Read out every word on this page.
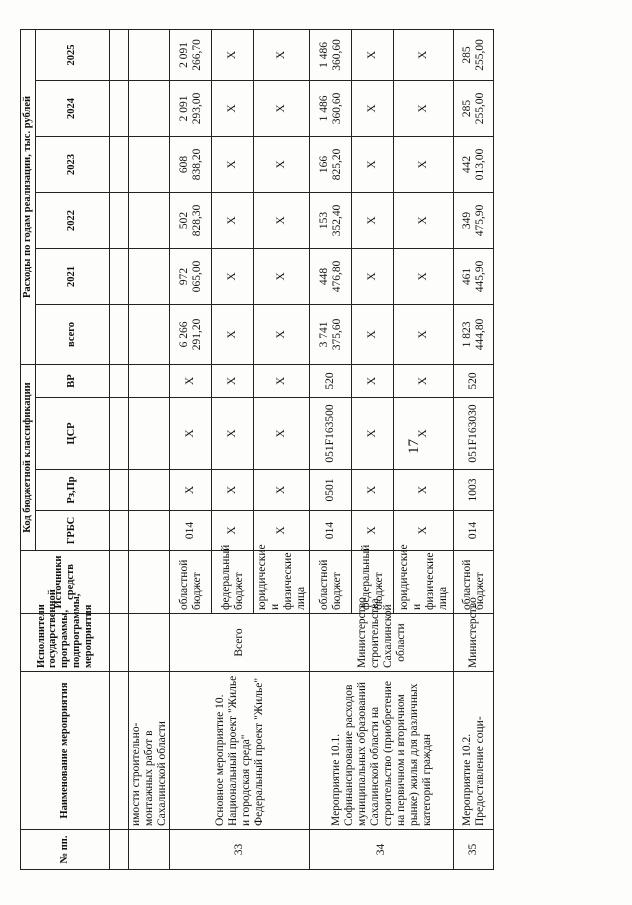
17
№ пп.	Наименование мероприятия	Исполнители государственной программы, подпрограммы, мероприятия	Источники средств	Код бюджетной классификации				Расходы по годам реализации, тыс. рублей					
				ГРБС	Рз,Пр	ЦСР	ВР	всего	2021	2022	2023	2024	2025

	имости строительно-монтажных работ в Сахалинской области												
33	Основное мероприятие 10. Национальный проект "Жилье и городская среда" Федеральный проект "Жилье"	Всего	областной бюджет	014	Х	Х	Х	6 266 291,20	972 065,00	502 828,30	608 838,20	2 091 293,00	2 091 266,70
			федеральный бюджет	Х	Х	Х	Х	Х	Х	Х	Х	Х	Х
			юридические и физические лица	Х	Х	Х	Х	Х	Х	Х	Х	Х	Х
34	Мероприятие 10.1. Софинансирование расходов муниципальных образований Сахалинской области на строительство (приобретение на первичном и вторичном рынке) жилья для различных категорий граждан	Министерство строительства Сахалинской области	областной бюджет	014	0501	051F163500	520	3 741 375,60	448 476,80	153 352,40	166 825,20	1 486 360,60	1 486 360,60
			федеральный бюджет	Х	Х	Х	Х	Х	Х	Х	Х	Х	Х
			юридические и физические лица	Х	Х	Х	Х	Х	Х	Х	Х	Х	Х
35	Мероприятие 10.2. Предоставление соци-	Министерство	областной бюджет	014	1003	051F163030	520	1 823 444,80	461 445,90	349 475,90	442 013,00	285 255,00	285 255,00
